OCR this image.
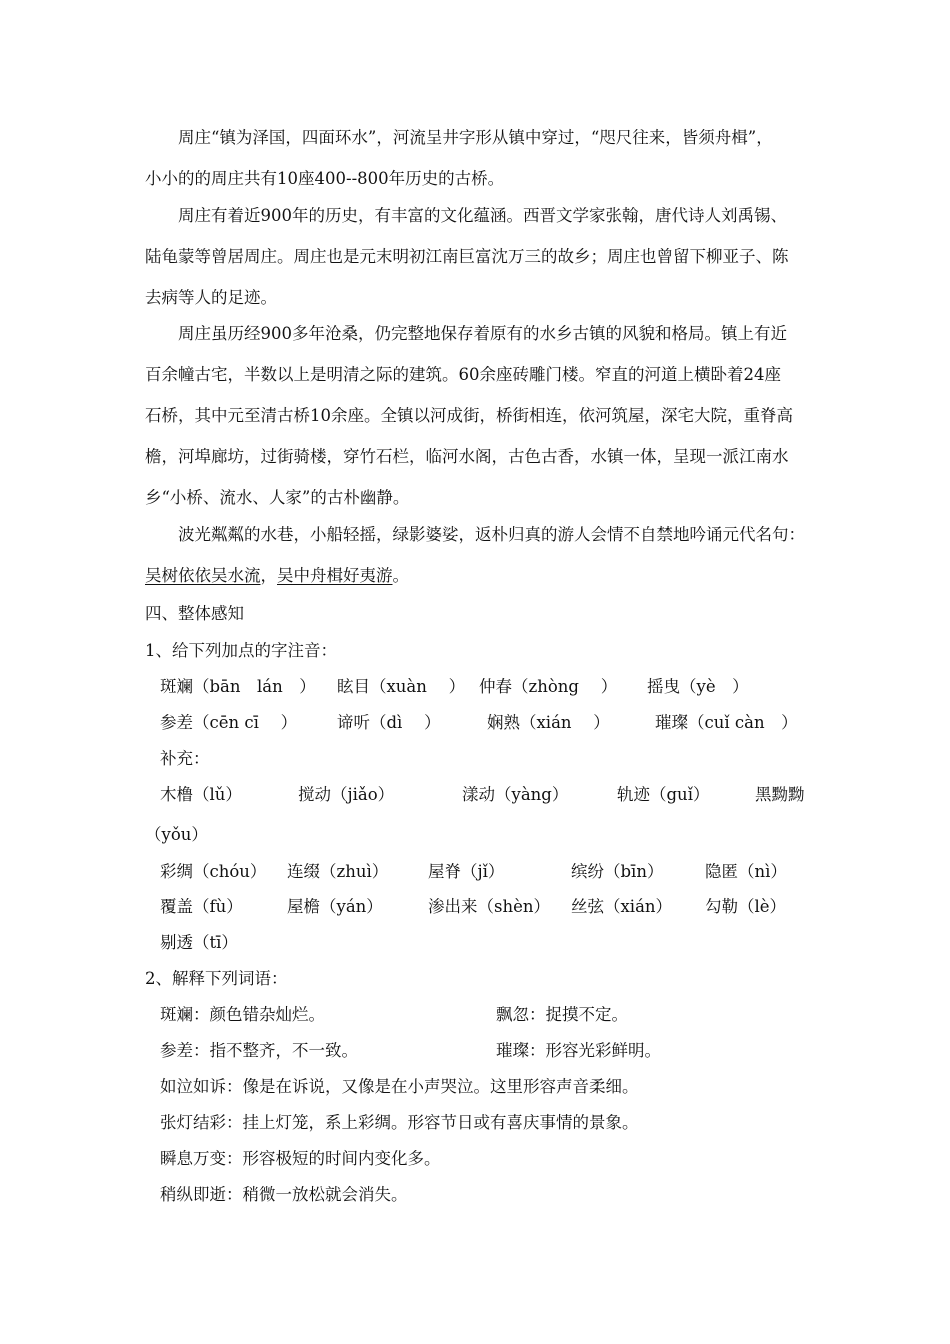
周庄“镇为泽国，四面环水”，河流呈井字形从镇中穿过，“咫尺往来，皆须舟楫”，
小小的的周庄共有10座400--800年历史的古桥。
周庄有着近900年的历史，有丰富的文化蕴涵。西晋文学家张翰，唐代诗人刘禹锡、
陆龟蒙等曾居周庄。周庄也是元末明初江南巨富沈万三的故乡；周庄也曾留下柳亚子、陈
去病等人的足迹。
周庄虽历经900多年沧桑，仍完整地保存着原有的水乡古镇的风貌和格局。镇上有近
百余幢古宅，半数以上是明清之际的建筑。60余座砖雕门楼。窄直的河道上横卧着24座
石桥，其中元至清古桥10余座。全镇以河成街，桥街相连，依河筑屋，深宅大院，重脊高
檐，河埠廊坊，过街骑楼，穿竹石栏，临河水阁，古色古香，水镇一体，呈现一派江南水
乡“小桥、流水、人家”的古朴幽静。
波光粼粼的水巷，小船轻摇，绿影婆娑，返朴归真的游人会情不自禁地吟诵元代名句：
吴树依依吴水流，吴中舟楫好夷游。
四、整体感知
1、给下列加点的字注音：
斑斓（bān　lán　） 眩目（xuàn　 ） 仲春（zhòng　 ） 摇曳（yè　）
参差（cēn cī　 ） 谛听（dì　 ）	娴熟（xián　 ）	璀璨（cuǐ càn　）
补充：
木橹（lǔ）	搅动（jiǎo）	漾动（yàng）	轨迹（guǐ）	黑黝黝
（yǒu）
彩绸（chóu） 连缀（zhuì） 屋脊（jǐ）	缤纷（bīn）	隐匿（nì）
覆盖（fù）	屋檐（yán）	渗出来（shèn） 丝弦（xián） 勾勒（lè）
剔透（tī）
2、解释下列词语：
斑斓：颜色错杂灿烂。	飘忽：捉摸不定。
参差：指不整齐，不一致。	璀璨：形容光彩鲜明。
如泣如诉：像是在诉说，又像是在小声哭泣。这里形容声音柔细。
张灯结彩：挂上灯笼，系上彩绸。形容节日或有喜庆事情的景象。
瞬息万变：形容极短的时间内变化多。
稍纵即逝：稍微一放松就会消失。
